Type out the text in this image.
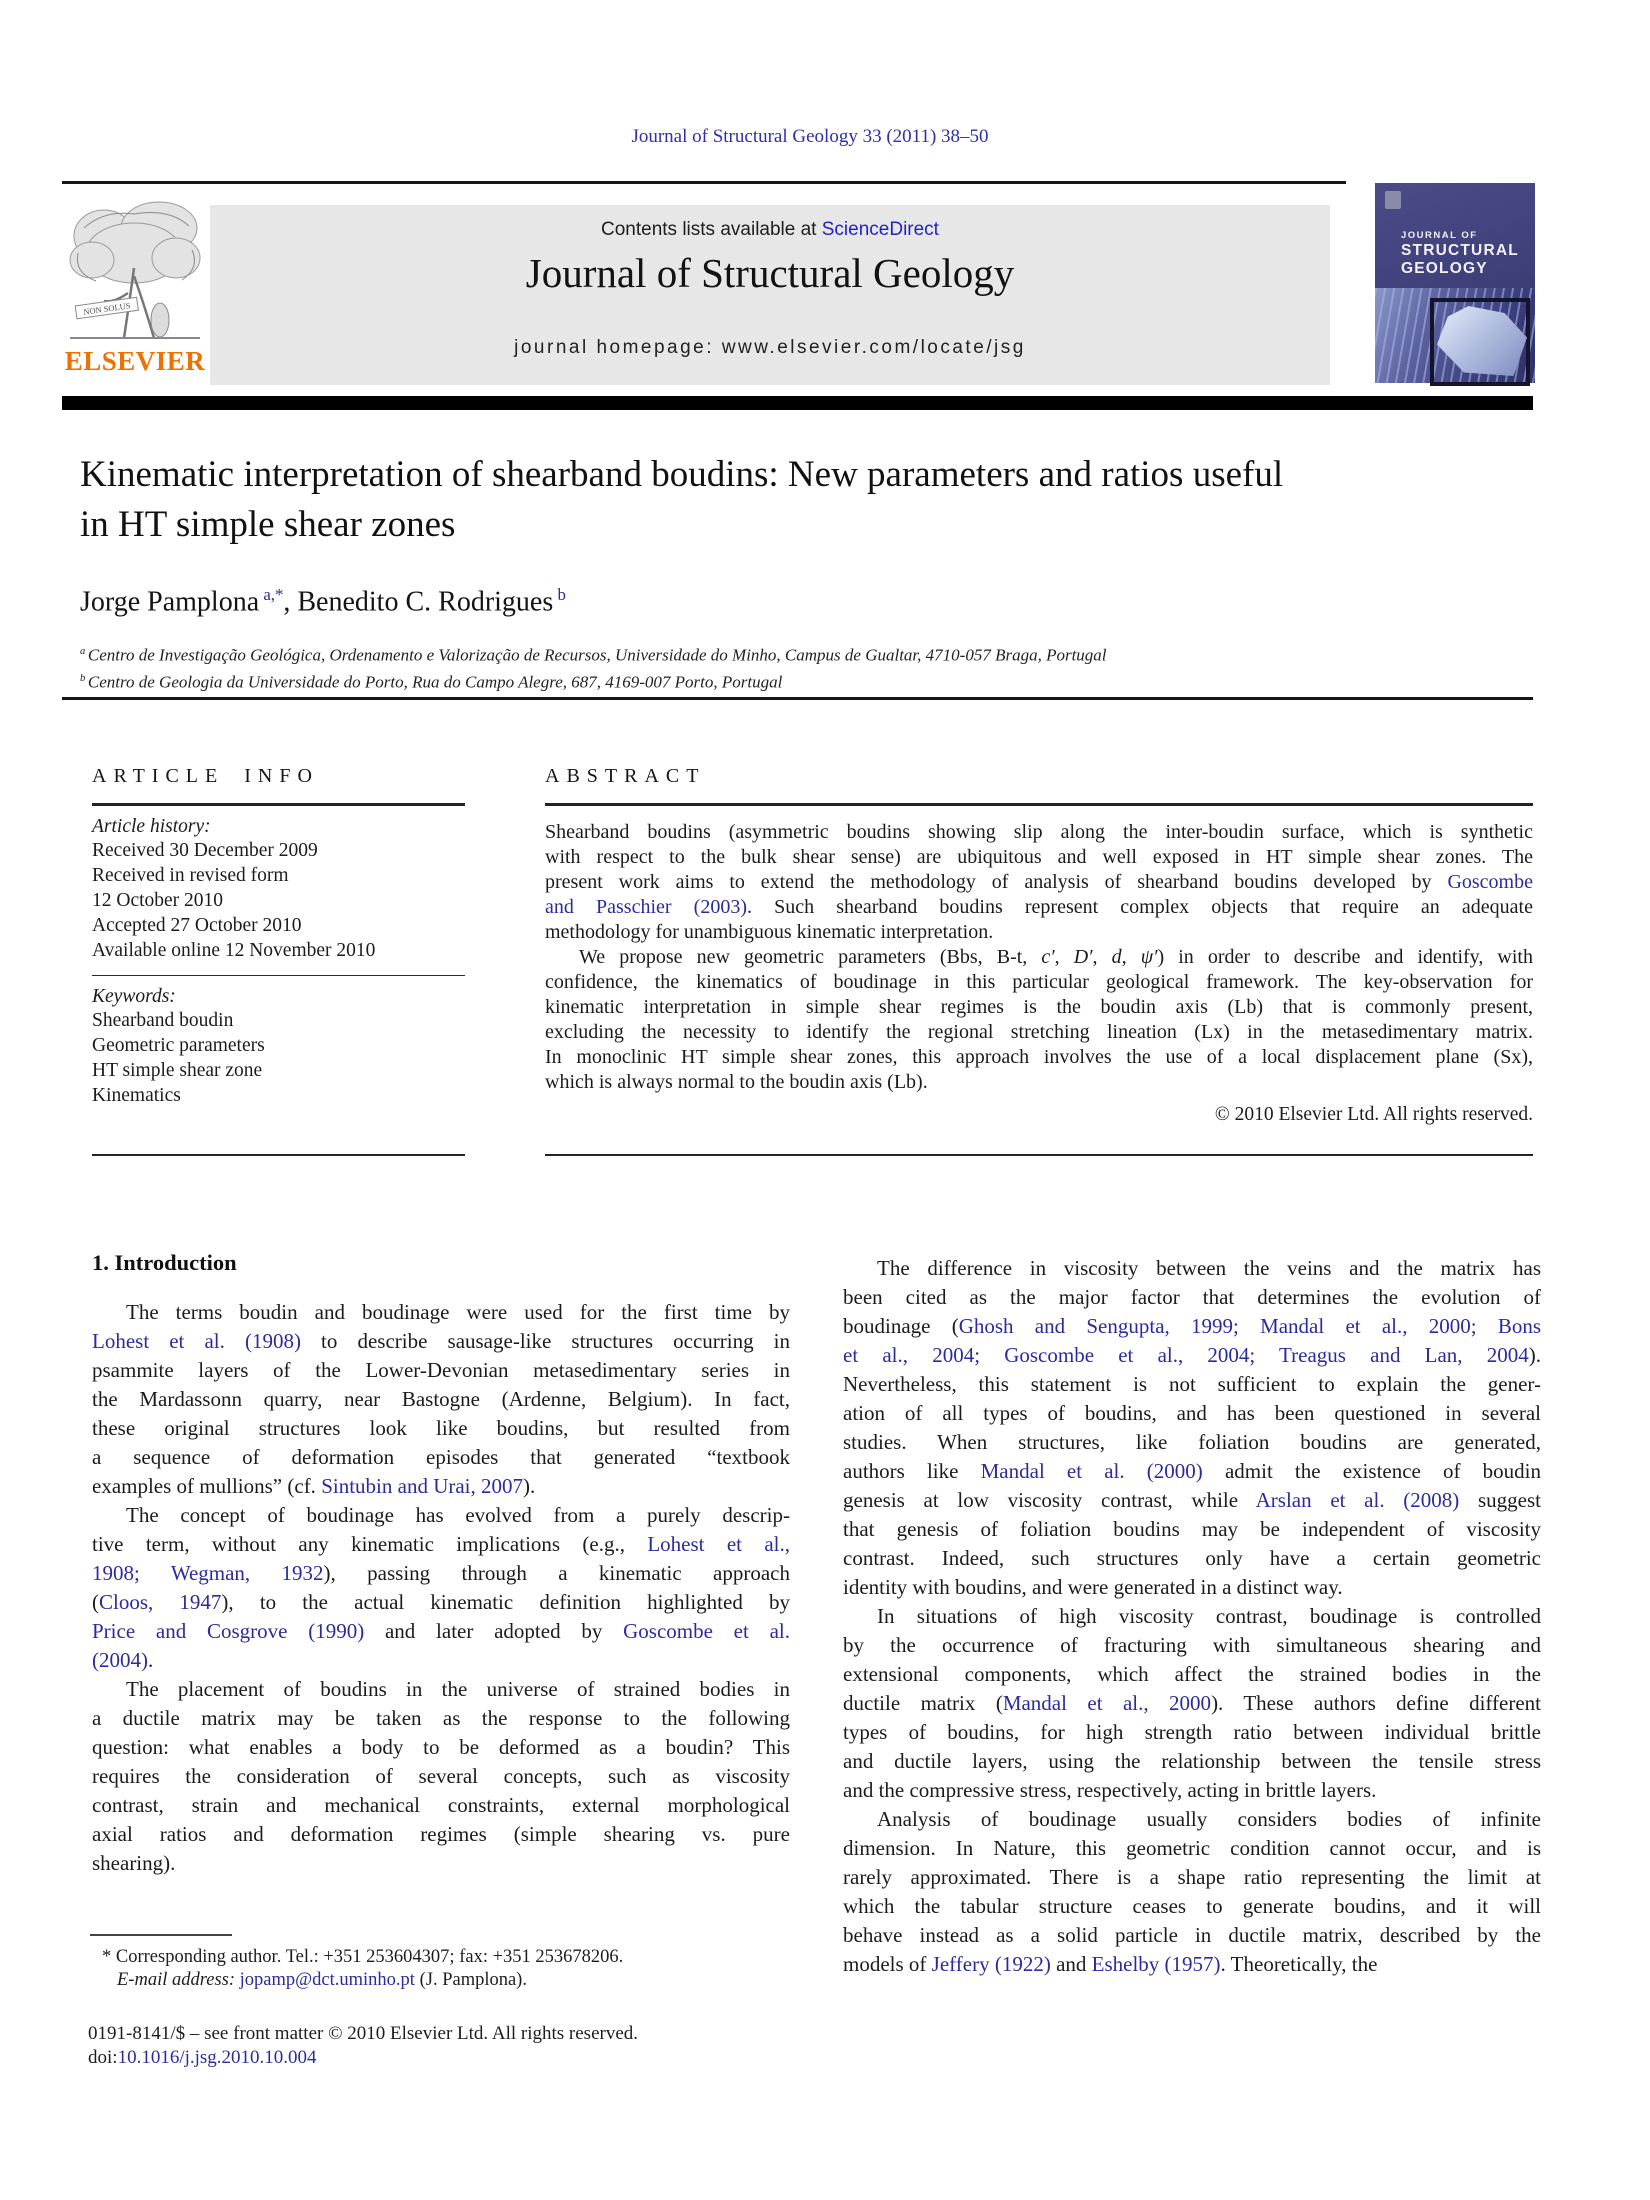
Journal of Structural Geology 33 (2011) 38–50
NON SOLUS
ELSEVIER
Contents lists available at ScienceDirect
Journal of Structural Geology
journal homepage: www.elsevier.com/locate/jsg
JOURNAL OF
STRUCTURAL
GEOLOGY
Kinematic interpretation of shearband boudins: New parameters and ratios useful
in HT simple shear zones
Jorge Pamplona $^{a,*}$, Benedito C. Rodrigues $^b$
$^a$ Centro de Investigação Geológica, Ordenamento e Valorização de Recursos, Universidade do Minho, Campus de Gualtar, 4710-057 Braga, Portugal
$^b$ Centro de Geologia da Universidade do Porto, Rua do Campo Alegre, 687, 4169-007 Porto, Portugal
ARTICLE INFO
Article history:
Received 30 December 2009
Received in revised form
12 October 2010
Accepted 27 October 2010
Available online 12 November 2010
Keywords:
Shearband boudin
Geometric parameters
HT simple shear zone
Kinematics
ABSTRACT
Shearband boudins (asymmetric boudins showing slip along the inter-boudin surface, which is synthetic
with respect to the bulk shear sense) are ubiquitous and well exposed in HT simple shear zones. The
present work aims to extend the methodology of analysis of shearband boudins developed by Goscombe
and Passchier (2003). Such shearband boudins represent complex objects that require an adequate
methodology for unambiguous kinematic interpretation.
We propose new geometric parameters (Bbs, B-t, c′, D′, d, ψ′) in order to describe and identify, with
confidence, the kinematics of boudinage in this particular geological framework. The key-observation for
kinematic interpretation in simple shear regimes is the boudin axis (Lb) that is commonly present,
excluding the necessity to identify the regional stretching lineation (Lx) in the metasedimentary matrix.
In monoclinic HT simple shear zones, this approach involves the use of a local displacement plane (Sx),
which is always normal to the boudin axis (Lb).
© 2010 Elsevier Ltd. All rights reserved.
1. Introduction
The terms boudin and boudinage were used for the first time by
Lohest et al. (1908) to describe sausage-like structures occurring in
psammite layers of the Lower-Devonian metasedimentary series in
the Mardassonn quarry, near Bastogne (Ardenne, Belgium). In fact,
these original structures look like boudins, but resulted from
a sequence of deformation episodes that generated “textbook
examples of mullions” (cf. Sintubin and Urai, 2007).
The concept of boudinage has evolved from a purely descrip-
tive term, without any kinematic implications (e.g., Lohest et al.,
1908; Wegman, 1932), passing through a kinematic approach
(Cloos, 1947), to the actual kinematic definition highlighted by
Price and Cosgrove (1990) and later adopted by Goscombe et al.
(2004).
The placement of boudins in the universe of strained bodies in
a ductile matrix may be taken as the response to the following
question: what enables a body to be deformed as a boudin? This
requires the consideration of several concepts, such as viscosity
contrast, strain and mechanical constraints, external morphological
axial ratios and deformation regimes (simple shearing vs. pure
shearing).
The difference in viscosity between the veins and the matrix has
been cited as the major factor that determines the evolution of
boudinage (Ghosh and Sengupta, 1999; Mandal et al., 2000; Bons
et al., 2004; Goscombe et al., 2004; Treagus and Lan, 2004).
Nevertheless, this statement is not sufficient to explain the gener-
ation of all types of boudins, and has been questioned in several
studies. When structures, like foliation boudins are generated,
authors like Mandal et al. (2000) admit the existence of boudin
genesis at low viscosity contrast, while Arslan et al. (2008) suggest
that genesis of foliation boudins may be independent of viscosity
contrast. Indeed, such structures only have a certain geometric
identity with boudins, and were generated in a distinct way.
In situations of high viscosity contrast, boudinage is controlled
by the occurrence of fracturing with simultaneous shearing and
extensional components, which affect the strained bodies in the
ductile matrix (Mandal et al., 2000). These authors define different
types of boudins, for high strength ratio between individual brittle
and ductile layers, using the relationship between the tensile stress
and the compressive stress, respectively, acting in brittle layers.
Analysis of boudinage usually considers bodies of infinite
dimension. In Nature, this geometric condition cannot occur, and is
rarely approximated. There is a shape ratio representing the limit at
which the tabular structure ceases to generate boudins, and it will
behave instead as a solid particle in ductile matrix, described by the
models of Jeffery (1922) and Eshelby (1957). Theoretically, the
* Corresponding author. Tel.: +351 253604307; fax: +351 253678206.
E-mail address: jopamp@dct.uminho.pt (J. Pamplona).
0191-8141/$ – see front matter © 2010 Elsevier Ltd. All rights reserved.
doi:10.1016/j.jsg.2010.10.004
